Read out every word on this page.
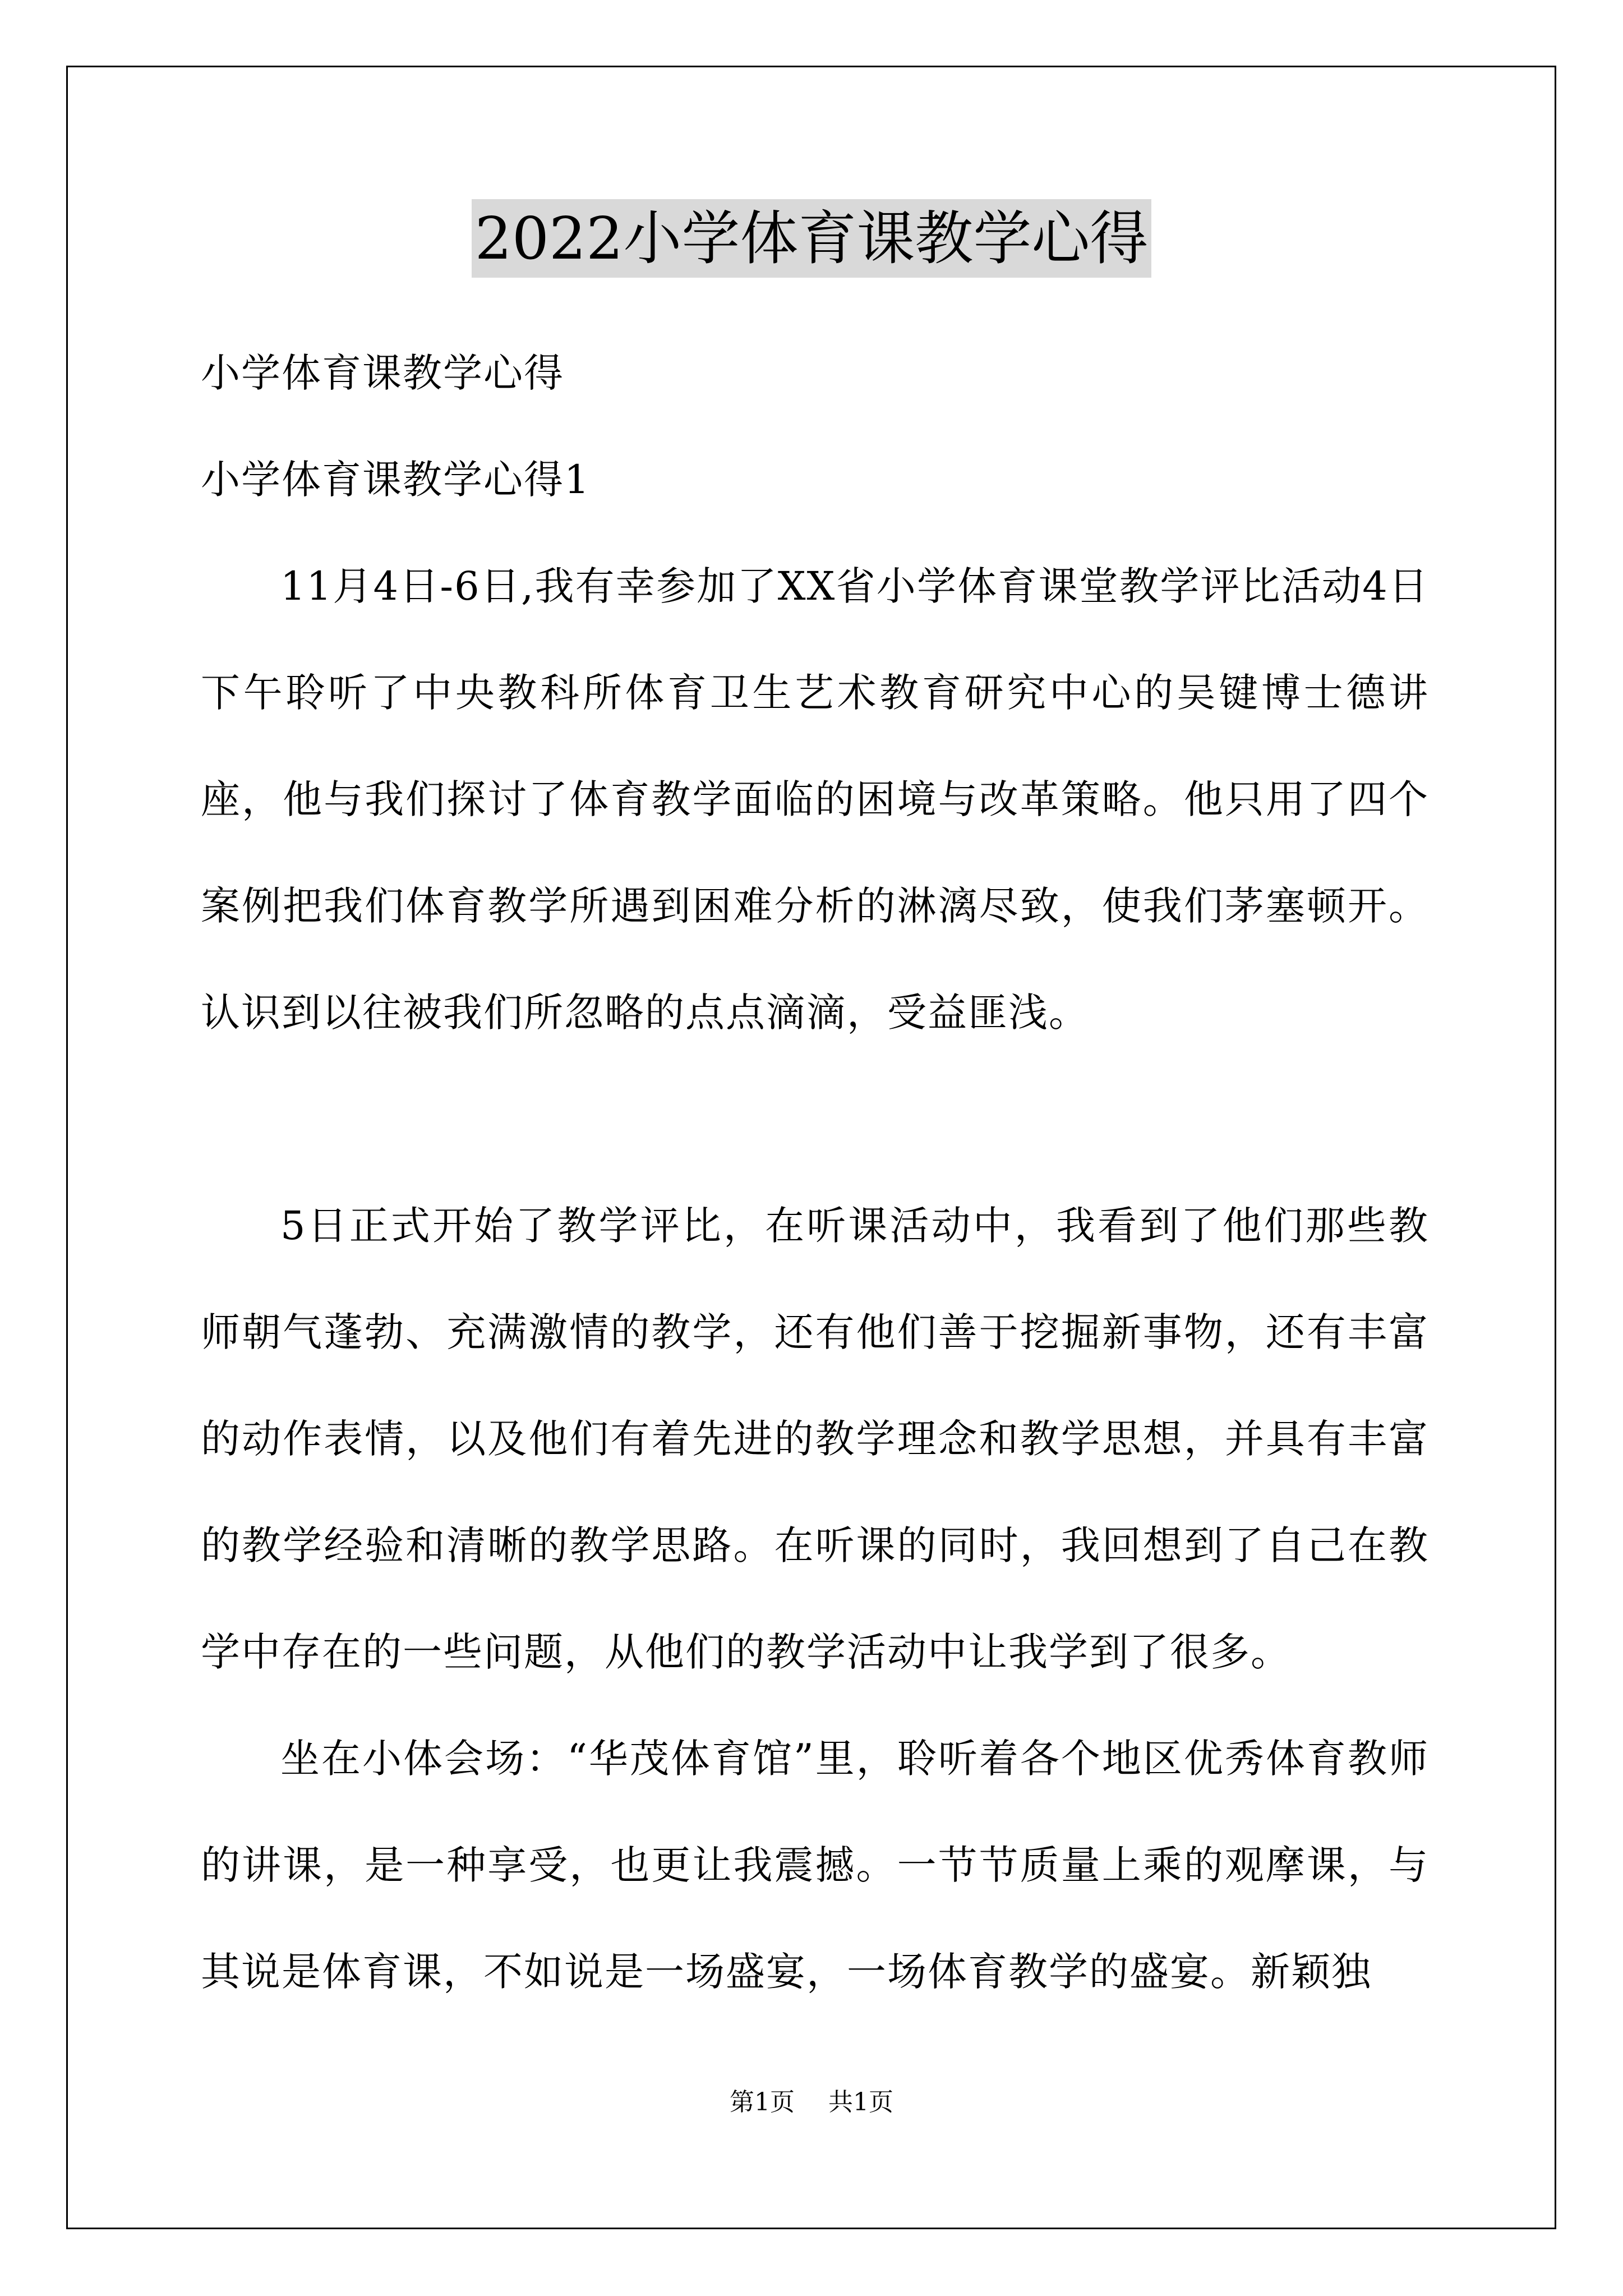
2022小学体育课教学心得

小学体育课教学心得

小学体育课教学心得1

11月4日-6日,我有幸参加了XX省小学体育课堂教学评比活动4日下午聆听了中央教科所体育卫生艺术教育研究中心的吴键博士德讲座，他与我们探讨了体育教学面临的困境与改革策略。他只用了四个案例把我们体育教学所遇到困难分析的淋漓尽致，使我们茅塞顿开。认识到以往被我们所忽略的点点滴滴，受益匪浅。

5日正式开始了教学评比，在听课活动中，我看到了他们那些教师朝气蓬勃、充满激情的教学，还有他们善于挖掘新事物，还有丰富的动作表情，以及他们有着先进的教学理念和教学思想，并具有丰富的教学经验和清晰的教学思路。在听课的同时，我回想到了自己在教学中存在的一些问题，从他们的教学活动中让我学到了很多。

坐在小体会场：“华茂体育馆”里，聆听着各个地区优秀体育教师的讲课，是一种享受，也更让我震撼。一节节质量上乘的观摩课，与其说是体育课，不如说是一场盛宴，一场体育教学的盛宴。新颖独

第1页 共1页
